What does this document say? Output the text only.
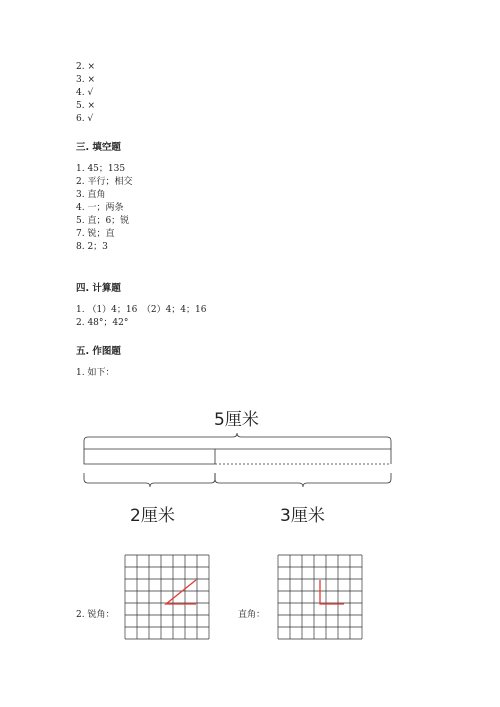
2. ×
3. ×
4. √
5. ×
6. √
三. 填空题
1. 45；135
2. 平行；相交
3. 直角
4. 一；两条
5. 直；6；锐
7. 锐；直
8. 2；3
四. 计算题
1. （1）4；16　（2）4；4；16
2. 48°；42°
五. 作图题
1. 如下：
5厘米
2厘米	3厘米
2. 锐角：	直角：
